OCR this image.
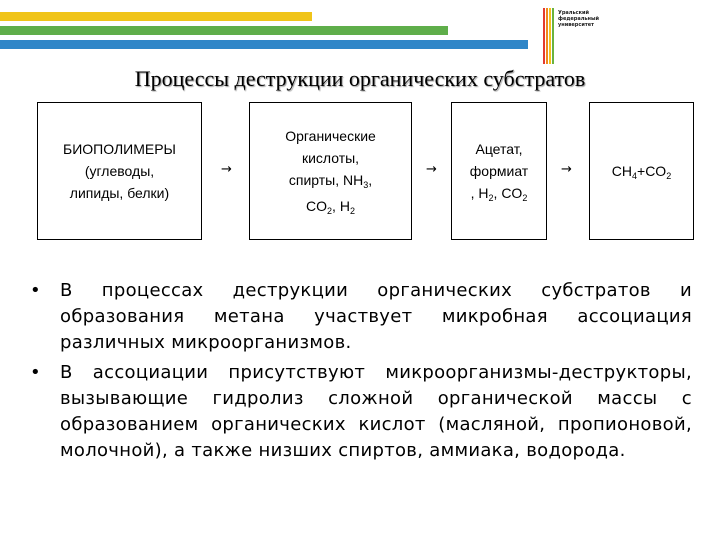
Уральский
федеральный
университет
Процессы деструкции органических субстратов
БИОПОЛИМЕРЫ
(углеводы,
липиды, белки)
→
Органические
кислоты,
спирты, $NH_3$,
$CO_2$, $H_2$
→
Ацетат,
формиат
, $H_2$, $CO_2$
→	$CH_4+CO_2$
• В процессах деструкции органических субстратов и образования метана участвует микробная ассоциация различных микроорганизмов.
• В ассоциации присутствуют микроорганизмы-деструкторы, вызывающие гидролиз сложной органической массы с образованием органических кислот (масляной, пропионовой, молочной), а также низших спиртов, аммиака, водорода.
